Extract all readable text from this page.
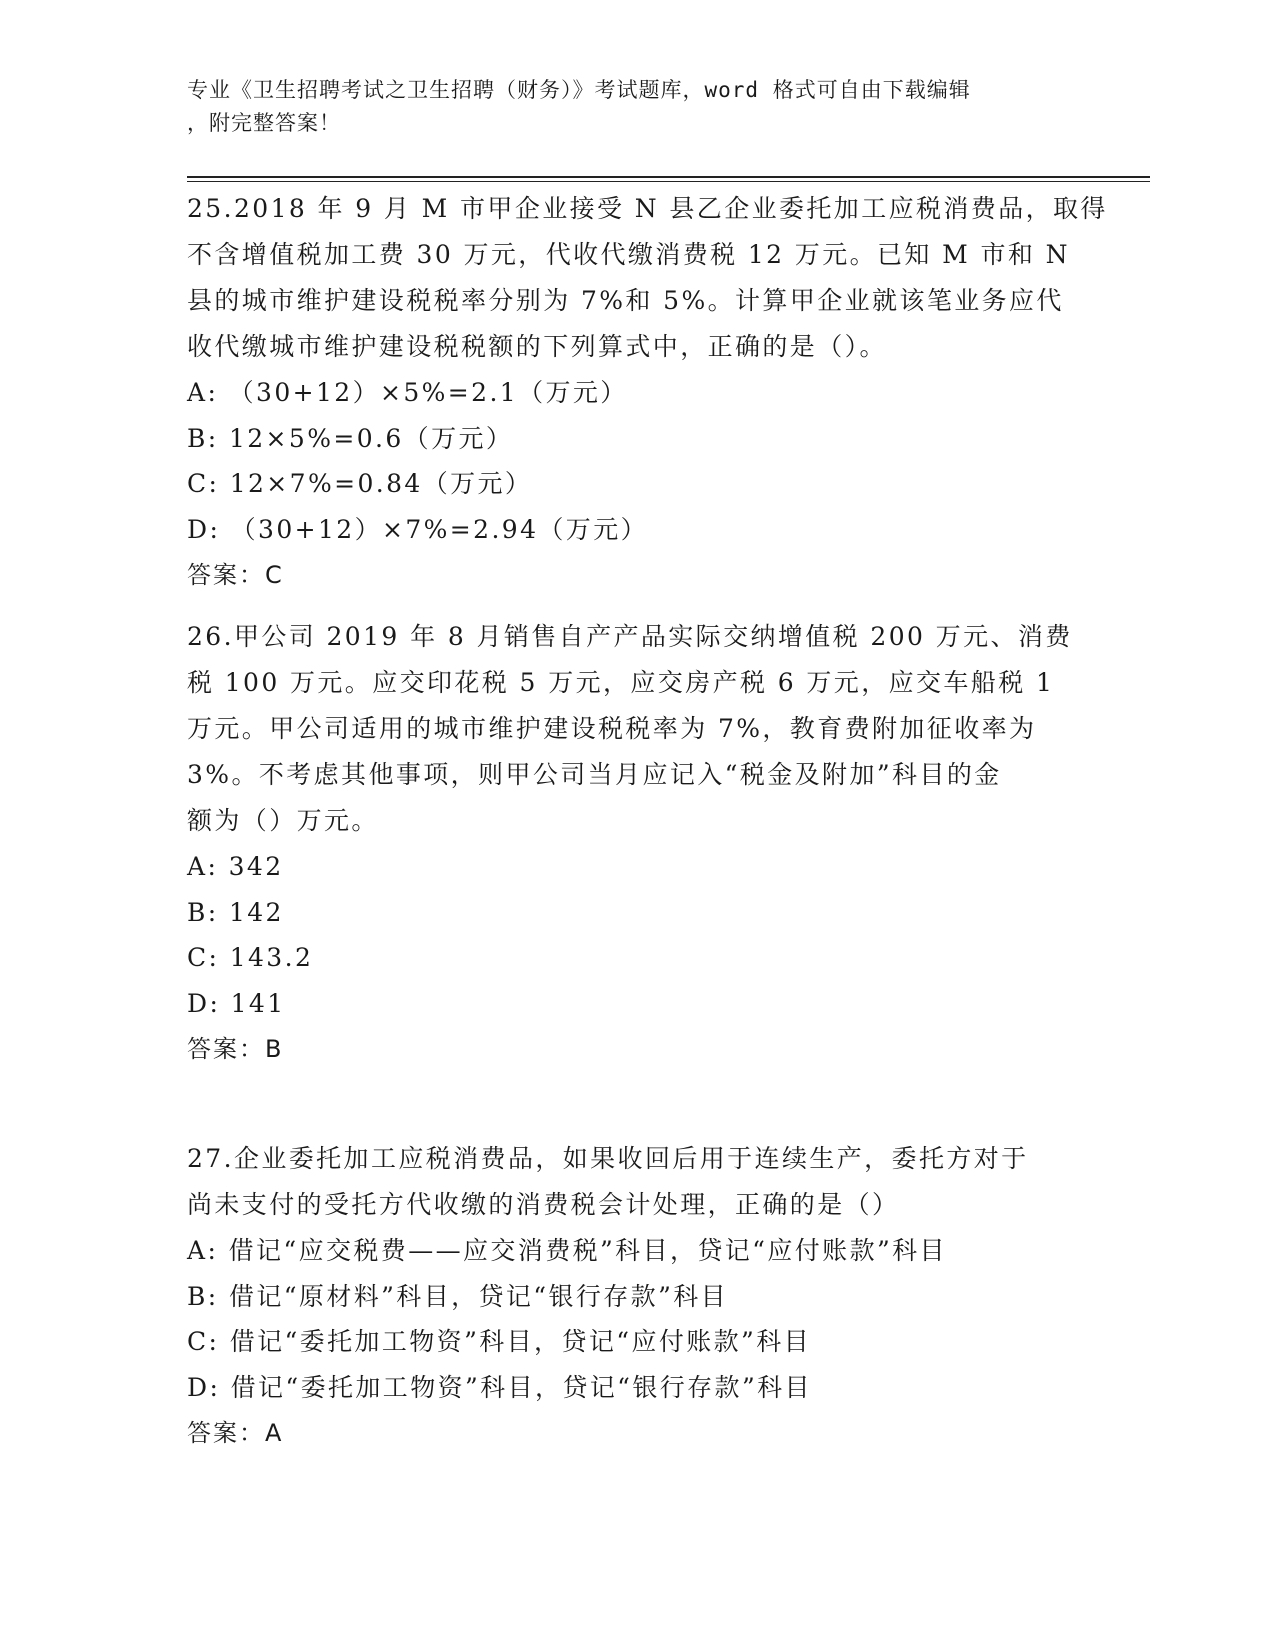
专业《卫生招聘考试之卫生招聘（财务）》考试题库，word 格式可自由下载编辑
，附完整答案！
25.2018 年 9 月 M 市甲企业接受 N 县乙企业委托加工应税消费品，取得
不含增值税加工费 30 万元，代收代缴消费税 12 万元。已知 M 市和 N
县的城市维护建设税税率分别为 7%和 5%。计算甲企业就该笔业务应代
收代缴城市维护建设税税额的下列算式中，正确的是（）。
A: （30+12）×5%=2.1（万元）
B: 12×5%=0.6（万元）
C: 12×7%=0.84（万元）
D: （30+12）×7%=2.94（万元）
答案：C
26.甲公司 2019 年 8 月销售自产产品实际交纳增值税 200 万元、消费
税 100 万元。应交印花税 5 万元，应交房产税 6 万元，应交车船税 1
万元。甲公司适用的城市维护建设税税率为 7%，教育费附加征收率为
3%。不考虑其他事项，则甲公司当月应记入“税金及附加”科目的金
额为（）万元。
A: 342
B: 142
C: 143.2
D: 141
答案：B
27.企业委托加工应税消费品，如果收回后用于连续生产，委托方对于
尚未支付的受托方代收缴的消费税会计处理，正确的是（）
A: 借记“应交税费——应交消费税”科目，贷记“应付账款”科目
B: 借记“原材料”科目，贷记“银行存款”科目
C: 借记“委托加工物资”科目，贷记“应付账款”科目
D: 借记“委托加工物资”科目，贷记“银行存款”科目
答案：A
